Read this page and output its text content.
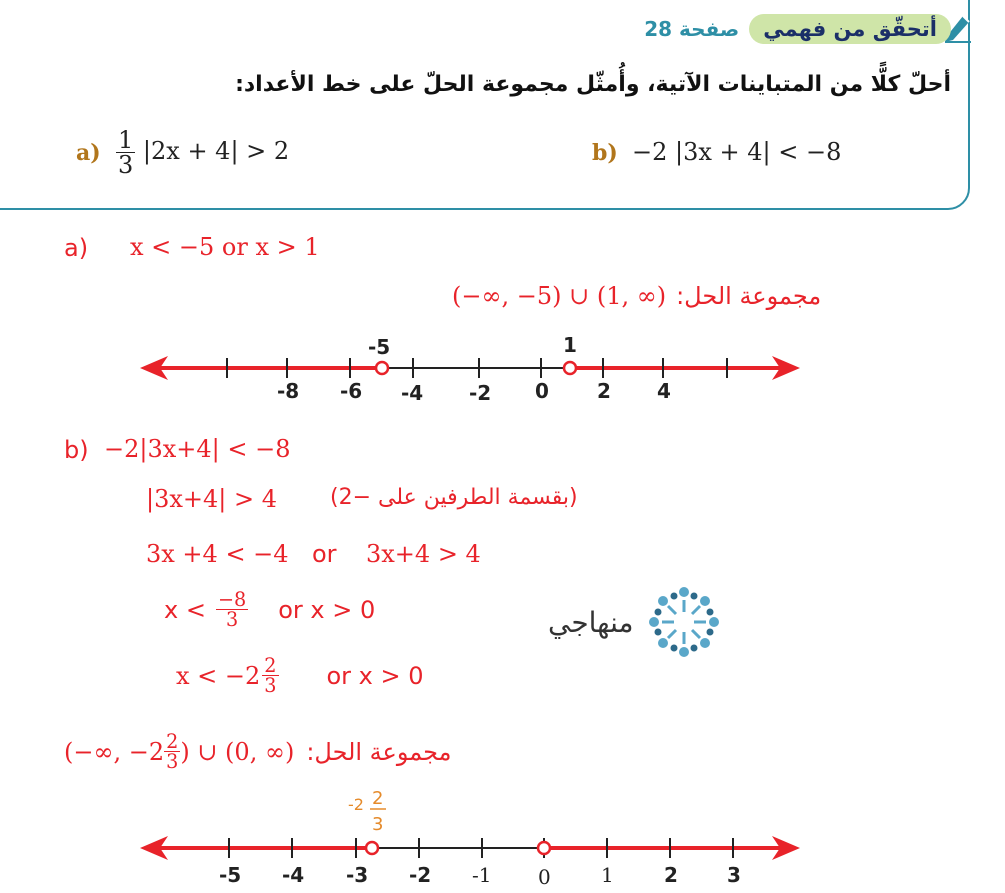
أتحقّق من فهمي
صفحة 28
أحلّ كلًّا من المتباينات الآتية، وأُمثّل مجموعة الحلّ على خط الأعداد:
$a) \frac{1}{3} |2x + 4| > 2$	b) −2 |3x + 4| < −8
a) x < −5 or x > 1
مجموعة الحل:
(−∞, −5) ∪ (1, ∞)
-5	1
-8 -6 -4 -2 0 2 4
b) −2|3x+4| < −8
|3x+4| > 4 (بقسمة الطرفين على −2)
3x +4 < −4 or 3x+4 > 4
$x < \frac{-8}{3}$ or x > 0
$x < -2 \frac{2}{3}$ or x > 0
مجموعة الحل:
(−∞, $-2 \frac{2}{3}$ ) ∪ (0, ∞)
منهاجي
-2 2
3
-5 -4 -3 -2 -1 0	1	2 3
